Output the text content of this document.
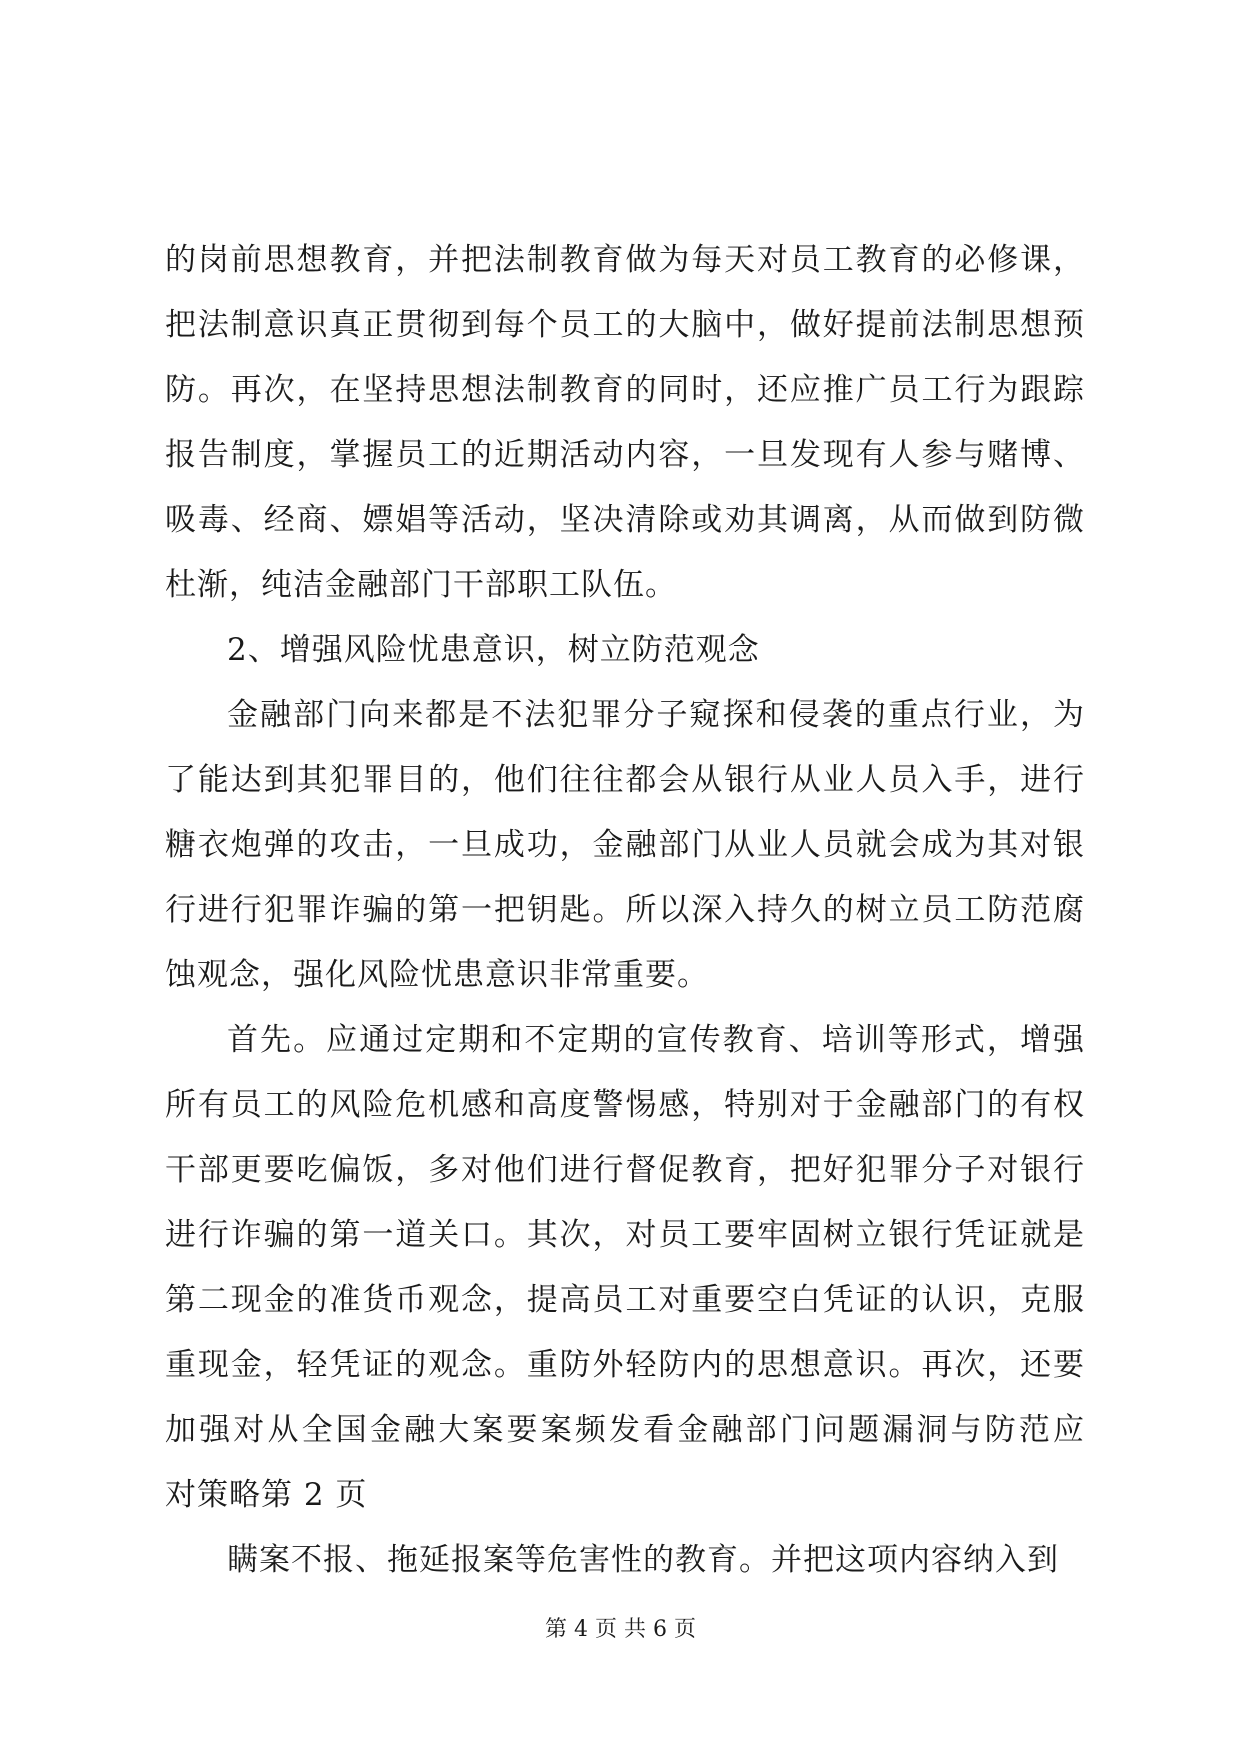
的岗前思想教育，并把法制教育做为每天对员工教育的必修课，
把法制意识真正贯彻到每个员工的大脑中，做好提前法制思想预
防。再次，在坚持思想法制教育的同时，还应推广员工行为跟踪
报告制度，掌握员工的近期活动内容，一旦发现有人参与赌博、
吸毒、经商、嫖娼等活动，坚决清除或劝其调离，从而做到防微
杜渐，纯洁金融部门干部职工队伍。
2、增强风险忧患意识，树立防范观念
金融部门向来都是不法犯罪分子窥探和侵袭的重点行业，为
了能达到其犯罪目的，他们往往都会从银行从业人员入手，进行
糖衣炮弹的攻击，一旦成功，金融部门从业人员就会成为其对银
行进行犯罪诈骗的第一把钥匙。所以深入持久的树立员工防范腐
蚀观念，强化风险忧患意识非常重要。
首先。应通过定期和不定期的宣传教育、培训等形式，增强
所有员工的风险危机感和高度警惕感，特别对于金融部门的有权
干部更要吃偏饭，多对他们进行督促教育，把好犯罪分子对银行
进行诈骗的第一道关口。其次，对员工要牢固树立银行凭证就是
第二现金的准货币观念，提高员工对重要空白凭证的认识，克服
重现金，轻凭证的观念。重防外轻防内的思想意识。再次，还要
加强对从全国金融大案要案频发看金融部门问题漏洞与防范应
对策略第 2 页
瞒案不报、拖延报案等危害性的教育。并把这项内容纳入到
第 4 页 共 6 页
